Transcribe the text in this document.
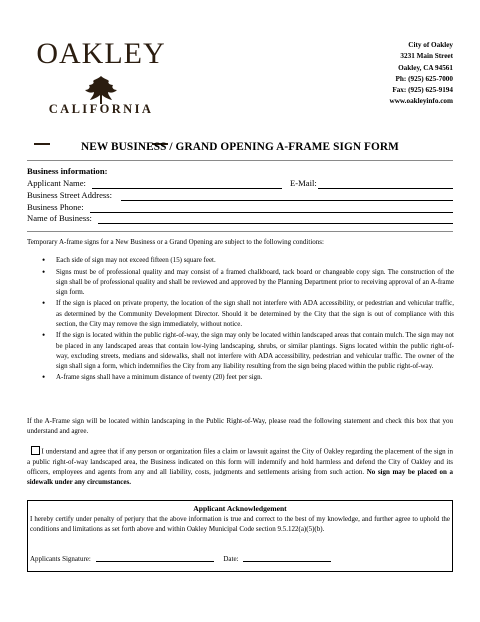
OAKLEY
CALIFORNIA
City of Oakley
3231 Main Street
Oakley, CA 94561
Ph: (925) 625-7000
Fax: (925) 625-9194
www.oakleyinfo.com
NEW BUSINESS / GRAND OPENING A-FRAME SIGN FORM
Business information:
Applicant Name:	E-Mail:
Business Street Address:
Business Phone:
Name of Business:
Temporary A-frame signs for a New Business or a Grand Opening are subject to the following conditions:
• Each side of sign may not exceed fifteen (15) square feet.
• Signs must be of professional quality and may consist of a framed chalkboard, tack board or changeable copy sign. The construction of the sign shall be of professional quality and shall be reviewed and approved by the Planning Department prior to receiving approval of an A-frame sign form.
• If the sign is placed on private property, the location of the sign shall not interfere with ADA accessibility, or pedestrian and vehicular traffic, as determined by the Community Development Director. Should it be determined by the City that the sign is out of compliance with this section, the City may remove the sign immediately, without notice.
• If the sign is located within the public right-of-way, the sign may only be located within landscaped areas that contain mulch. The sign may not be placed in any landscaped areas that contain low-lying landscaping, shrubs, or similar plantings. Signs located within the public right-of-way, excluding streets, medians and sidewalks, shall not interfere with ADA accessibility, pedestrian and vehicular traffic. The owner of the sign shall sign a form, which indemnifies the City from any liability resulting from the sign being placed within the public right-of-way.
• A-frame signs shall have a minimum distance of twenty (20) feet per sign.
If the A-Frame sign will be located within landscaping in the Public Right-of-Way, please read the following statement and check this box that you understand and agree.
I understand and agree that if any person or organization files a claim or lawsuit against the City of Oakley regarding the placement of the sign in a public right-of-way landscaped area, the Business indicated on this form will indemnify and hold harmless and defend the City of Oakley and its officers, employees and agents from any and all liability, costs, judgments and settlements arising from such action. No sign may be placed on a sidewalk under any circumstances.
Applicant Acknowledgement
I hereby certify under penalty of perjury that the above information is true and correct to the best of my knowledge, and further agree to uphold the conditions and limitations as set forth above and within Oakley Municipal Code section 9.5.122(a)(5)(b).
Applicants Signature:	Date:
